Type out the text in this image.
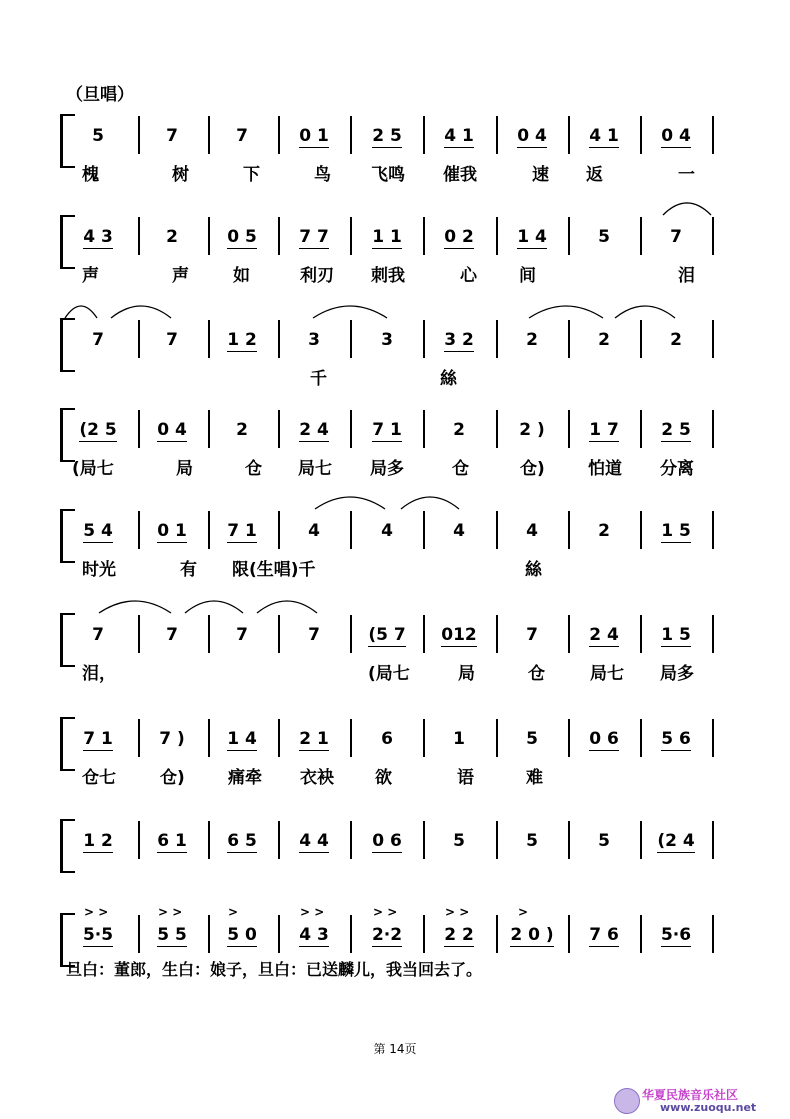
（旦唱）
5	7	7	0 1	2 5	4 1	0 4	4 1	0 4
槐	树	下	鸟 飞鸣 催我	速 返	一
4 3	2	0 5	7 7	1 1	0 2	1 4	5	7
声	声	如	利刃 刺我	心 间	泪
7	7	1 2	3	3	3 2	2	2	2
千	絲
(2 5	0 4	2	2 4	7 1	2	2 )	1 7	2 5
(局七	局	仓 局七 局多	仓	仓)	怕道 分离
5 4	0 1	7 1	4	4	4	4	2	1 5
时光	有 限(生唱)千	絲
7	7	7	7	(5 7	012	7	2 4	1 5
泪，	(局七	局	仓	局七 局多
7 1	7 )	1 4	2 1	6	1	5	0 6	5 6
仓七	仓)	痛牵 衣袂 欲	语	难
1 2	6 1	6 5	4 4	0 6	5	5	5	(2 4
5·5	5 5	5 0	4 3	2·2	2 2	2 0 )	7 6	5·6
> >	> >	>	> >	> >	> >	>
旦白：董郎，生白：娘子，旦白：已送麟儿，我当回去了。
第 14页
华夏民族音乐社区
www.zuoqu.net
